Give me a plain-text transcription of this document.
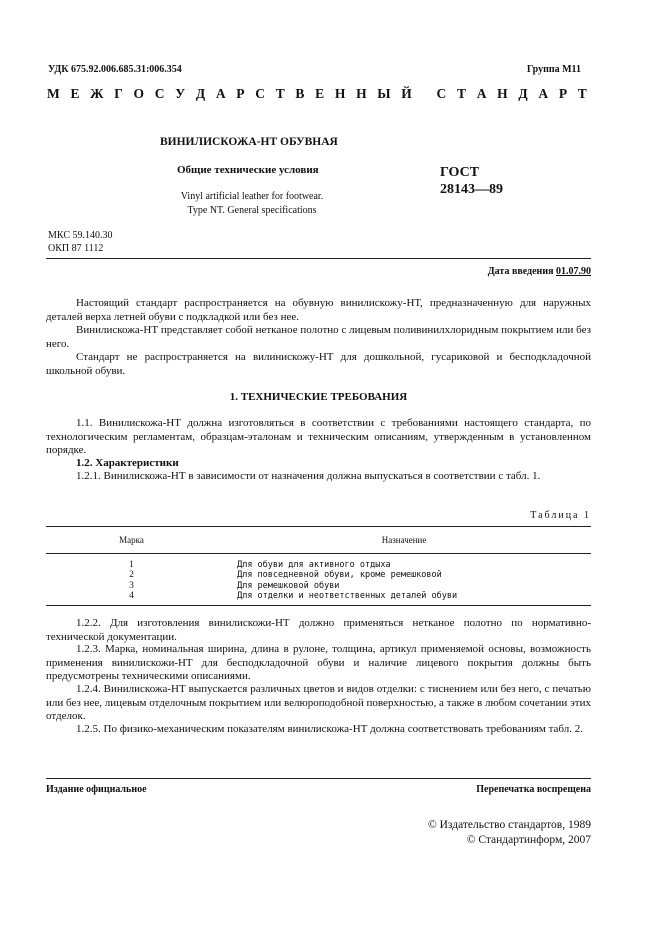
УДК 675.92.006.685.31:006.354	Группа М11
М Е Ж Г О С У Д А Р С Т В Е Н Н Ы Й
С Т А Н Д А Р Т
ВИНИЛИСКОЖА-НТ ОБУВНАЯ
Общие технические условия
Vinyl artificial leather for footwear.
Type NT. General specifications
ГОСТ
28143—89
МКС 59.140.30
ОКП 87 1112
Дата введения 01.07.90
Настоящий стандарт распространяется на обувную винилискожу-НТ, предназначенную для наружных деталей верха летней обуви с подкладкой или без нее.
Винилискожа-НТ представляет собой нетканое полотно с лицевым поливинилхлоридным покрытием или без него.
Стандарт не распространяется на вилинискожу-НТ для дошкольной, гусариковой и бесподкладочной школьной обуви.
1. ТЕХНИЧЕСКИЕ ТРЕБОВАНИЯ
1.1. Винилискожа-НТ должна изготовляться в соответствии с требованиями настоящего стандарта, по технологическим регламентам, образцам-эталонам и техническим описаниям, утвержденным в установленном порядке.
1.2. Характеристики
1.2.1. Винилискожа-НТ в зависимости от назначения должна выпускаться в соответствии с табл. 1.
Таблица 1
Марка	Назначение

1	Для обуви для активного отдыха
2	Для повседневной обуви, кроме ремешковой
3	Для ремешковой обуви
4	Для отделки и неответственных деталей обуви
1.2.2. Для изготовления винилискожи-НТ должно применяться нетканое полотно по нормативно-технической документации.
1.2.3. Марка, номинальная ширина, длина в рулоне, толщина, артикул применяемой основы, возможность применения винилискожи-НТ для бесподкладочной обуви и наличие лицевого покрытия должны быть предусмотрены техническими описаниями.
1.2.4. Винилискожа-НТ выпускается различных цветов и видов отделки: с тиснением или без него, с печатью или без нее, лицевым отделочным покрытием или велюроподобной поверхностью, а также в любом сочетании этих отделок.
1.2.5. По физико-механическим показателям винилискожа-НТ должна соответствовать требованиям табл. 2.
Издание официальное	Перепечатка воспрещена
© Издательство стандартов, 1989
© Стандартинформ, 2007
